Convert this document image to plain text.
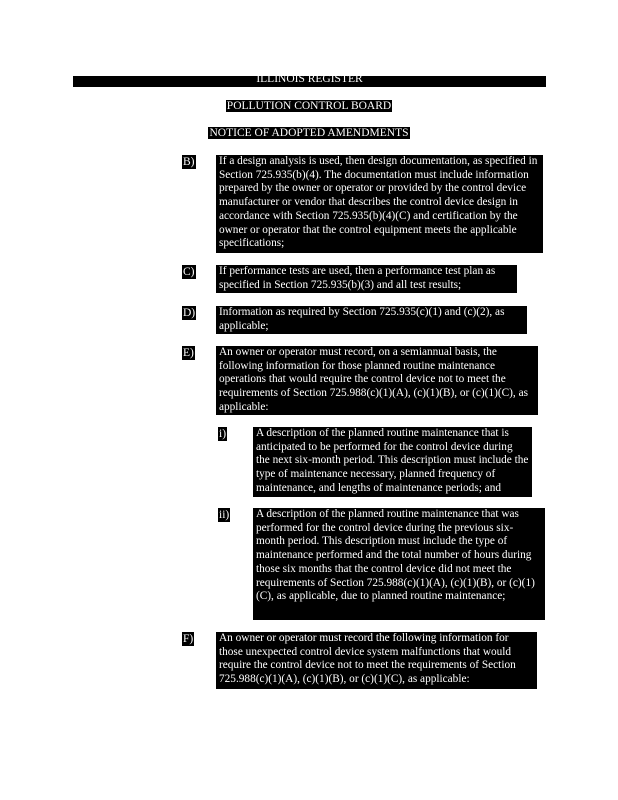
ILLINOIS REGISTER
POLLUTION CONTROL BOARD
NOTICE OF ADOPTED AMENDMENTS
B) If a design analysis is used, then design documentation, as specified in Section 725.935(b)(4). The documentation must include information prepared by the owner or operator or provided by the control device manufacturer or vendor that describes the control device design in accordance with Section 725.935(b)(4)(C) and certification by the owner or operator that the control equipment meets the applicable specifications;
C) If performance tests are used, then a performance test plan as specified in Section 725.935(b)(3) and all test results;
D) Information as required by Section 725.935(c)(1) and (c)(2), as applicable;
E) An owner or operator must record, on a semiannual basis, the following information for those planned routine maintenance operations that would require the control device not to meet the requirements of Section 725.988(c)(1)(A), (c)(1)(B), or (c)(1)(C), as applicable:
i)	A description of the planned routine maintenance that is anticipated to be performed for the control device during the next six-month period. This description must include the type of maintenance necessary, planned frequency of maintenance, and lengths of maintenance periods; and
ii) A description of the planned routine maintenance that was performed for the control device during the previous six-month period. This description must include the type of maintenance performed and the total number of hours during those six months that the control device did not meet the requirements of Section 725.988(c)(1)(A), (c)(1)(B), or (c)(1)(C), as applicable, due to planned routine maintenance;
F) An owner or operator must record the following information for those unexpected control device system malfunctions that would require the control device not to meet the requirements of Section 725.988(c)(1)(A), (c)(1)(B), or (c)(1)(C), as applicable:
